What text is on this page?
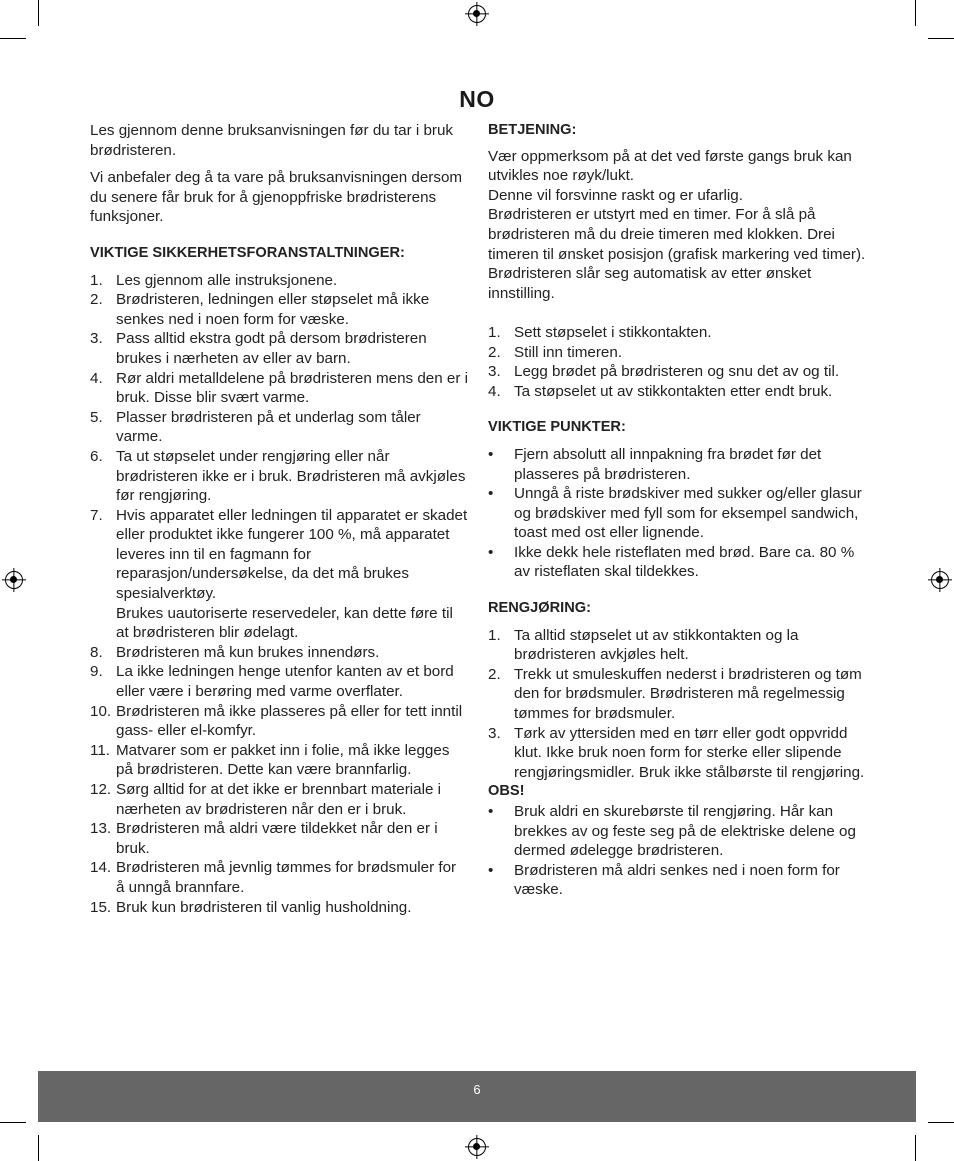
NO

Les gjennom denne bruksanvisningen før du tar i bruk brødristeren.

Vi anbefaler deg å ta vare på bruksanvisningen dersom du senere får bruk for å gjenoppfriske brødristerens funksjoner.

VIKTIGE SIKKERHETSFORANSTALTNINGER:
1. Les gjennom alle instruksjonene.
2. Brødristeren, ledningen eller støpselet må ikke senkes ned i noen form for væske.
3. Pass alltid ekstra godt på dersom brødristeren brukes i nærheten av eller av barn.
4. Rør aldri metalldelene på brødristeren mens den er i bruk. Disse blir svært varme.
5. Plasser brødristeren på et underlag som tåler varme.
6. Ta ut støpselet under rengjøring eller når brødristeren ikke er i bruk. Brødristeren må avkjøles før rengjøring.
7. Hvis apparatet eller ledningen til apparatet er skadet eller produktet ikke fungerer 100 %, må apparatet leveres inn til en fagmann for reparasjon/undersøkelse, da det må brukes spesialverktøy.
Brukes uautoriserte reservedeler, kan dette føre til at brødristeren blir ødelagt.
8. Brødristeren må kun brukes innendørs.
9. La ikke ledningen henge utenfor kanten av et bord eller være i berøring med varme overflater.
10. Brødristeren må ikke plasseres på eller for tett inntil gass- eller el-komfyr.
11. Matvarer som er pakket inn i folie, må ikke legges på brødristeren. Dette kan være brannfarlig.
12. Sørg alltid for at det ikke er brennbart materiale i nærheten av brødristeren når den er i bruk.
13. Brødristeren må aldri være tildekket når den er i bruk.
14. Brødristeren må jevnlig tømmes for brødsmuler for å unngå brannfare.
15. Bruk kun brødristeren til vanlig husholdning.
BETJENING:

Vær oppmerksom på at det ved første gangs bruk kan utvikles noe røyk/lukt.

Denne vil forsvinne raskt og er ufarlig.

Brødristeren er utstyrt med en timer. For å slå på brødristeren må du dreie timeren med klokken. Drei timeren til ønsket posisjon (grafisk markering ved timer). Brødristeren slår seg automatisk av etter ønsket innstilling.

1. Sett støpselet i stikkontakten.
2. Still inn timeren.
3. Legg brødet på brødristeren og snu det av og til.
4. Ta støpselet ut av stikkontakten etter endt bruk.
VIKTIGE PUNKTER:
• Fjern absolutt all innpakning fra brødet før det plasseres på brødristeren.
• Unngå å riste brødskiver med sukker og/eller glasur og brødskiver med fyll som for eksempel sandwich, toast med ost eller lignende.
• Ikke dekk hele risteflaten med brød. Bare ca. 80 % av risteflaten skal tildekkes.
RENGJØRING:
1. Ta alltid støpselet ut av stikkontakten og la brødristeren avkjøles helt.
2. Trekk ut smuleskuffen nederst i brødristeren og tøm den for brødsmuler. Brødristeren må regelmessig tømmes for brødsmuler.
3. Tørk av yttersiden med en tørr eller godt oppvridd klut. Ikke bruk noen form for sterke eller slipende rengjøringsmidler. Bruk ikke stålbørste til rengjøring.
OBS!
• Bruk aldri en skurebørste til rengjøring. Hår kan brekkes av og feste seg på de elektriske delene og dermed ødelegge brødristeren.
• Brødristeren må aldri senkes ned i noen form for væske.
6
